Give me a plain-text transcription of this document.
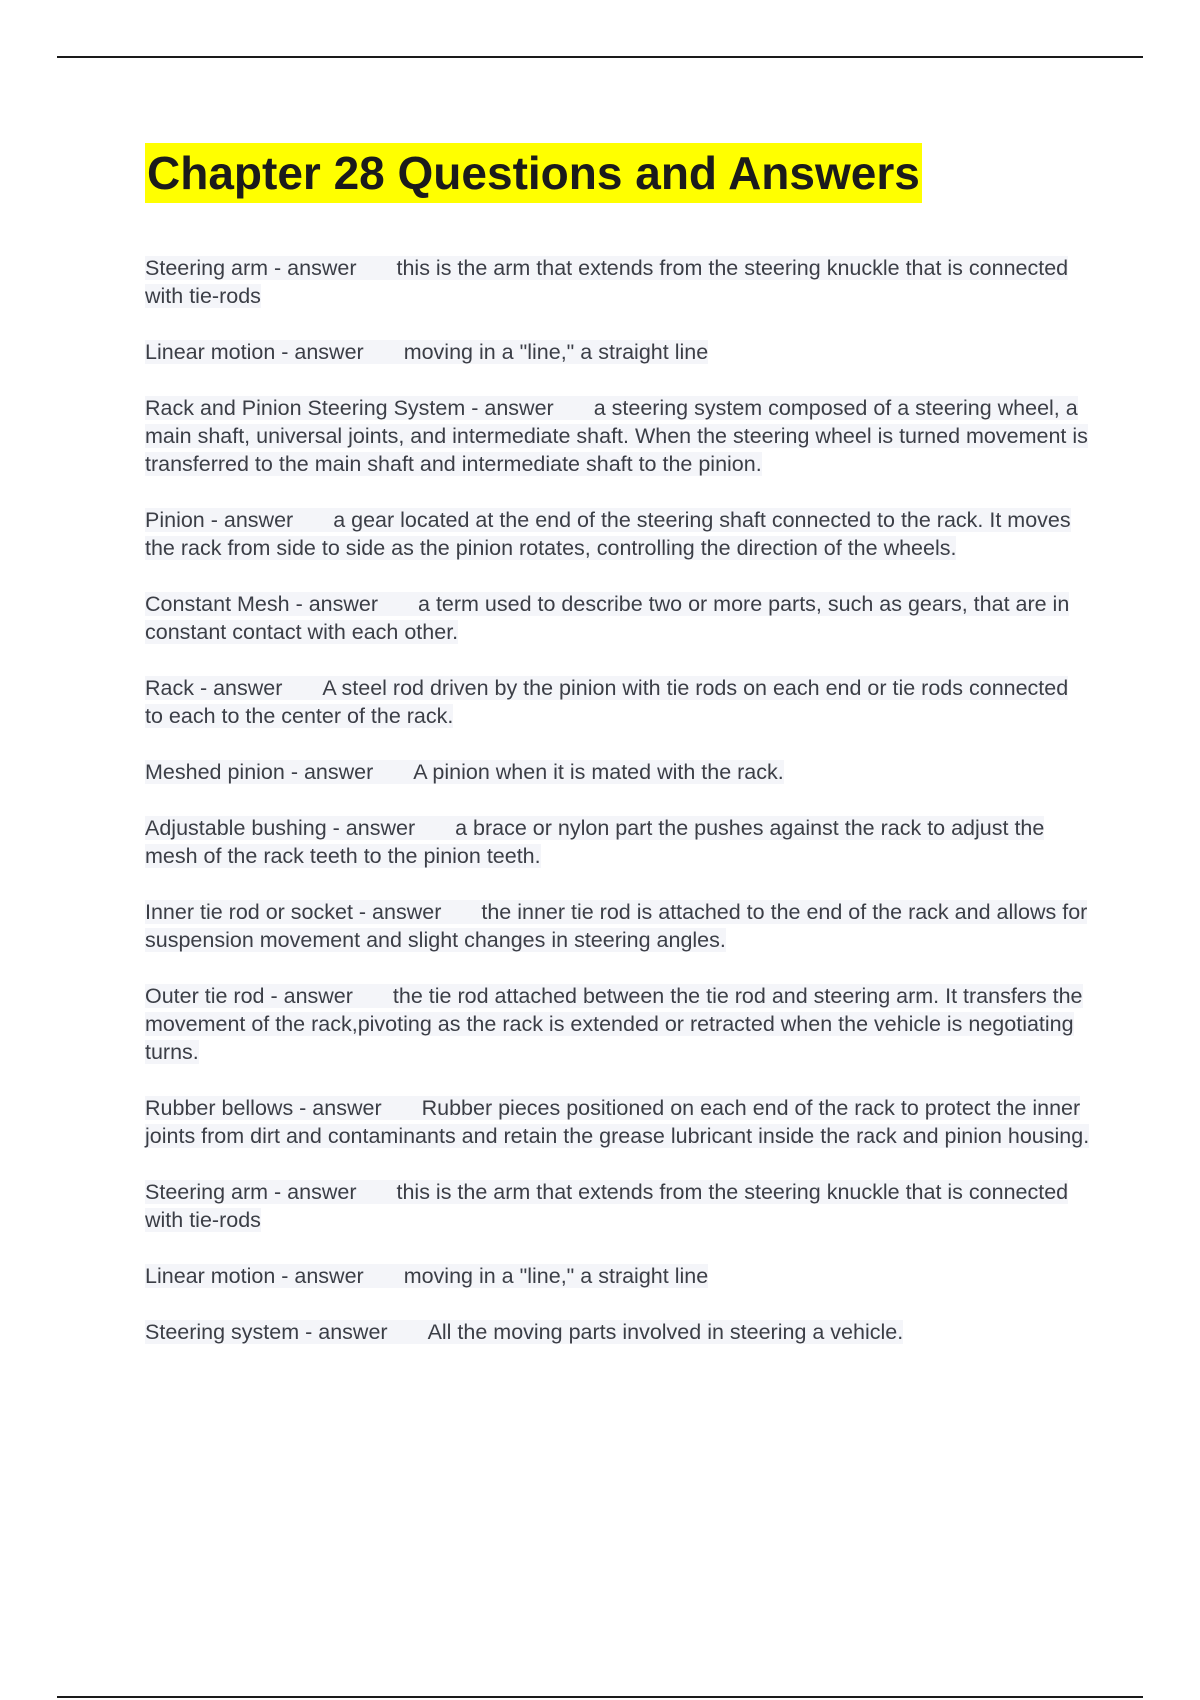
Chapter 28 Questions and Answers

Steering arm - answer this is the arm that extends from the steering knuckle that is connected with tie-rods

Linear motion - answer moving in a "line," a straight line

Rack and Pinion Steering System - answer a steering system composed of a steering wheel, a main shaft, universal joints, and intermediate shaft. When the steering wheel is turned movement is transferred to the main shaft and intermediate shaft to the pinion.

Pinion - answer a gear located at the end of the steering shaft connected to the rack. It moves the rack from side to side as the pinion rotates, controlling the direction of the wheels.

Constant Mesh - answer a term used to describe two or more parts, such as gears, that are in constant contact with each other.

Rack - answer A steel rod driven by the pinion with tie rods on each end or tie rods connected to each to the center of the rack.

Meshed pinion - answer A pinion when it is mated with the rack.

Adjustable bushing - answer a brace or nylon part the pushes against the rack to adjust the mesh of the rack teeth to the pinion teeth.

Inner tie rod or socket - answer the inner tie rod is attached to the end of the rack and allows for suspension movement and slight changes in steering angles.

Outer tie rod - answer the tie rod attached between the tie rod and steering arm. It transfers the movement of the rack,pivoting as the rack is extended or retracted when the vehicle is negotiating turns.

Rubber bellows - answer Rubber pieces positioned on each end of the rack to protect the inner joints from dirt and contaminants and retain the grease lubricant inside the rack and pinion housing.

Steering arm - answer this is the arm that extends from the steering knuckle that is connected with tie-rods

Linear motion - answer moving in a "line," a straight line

Steering system - answer All the moving parts involved in steering a vehicle.
